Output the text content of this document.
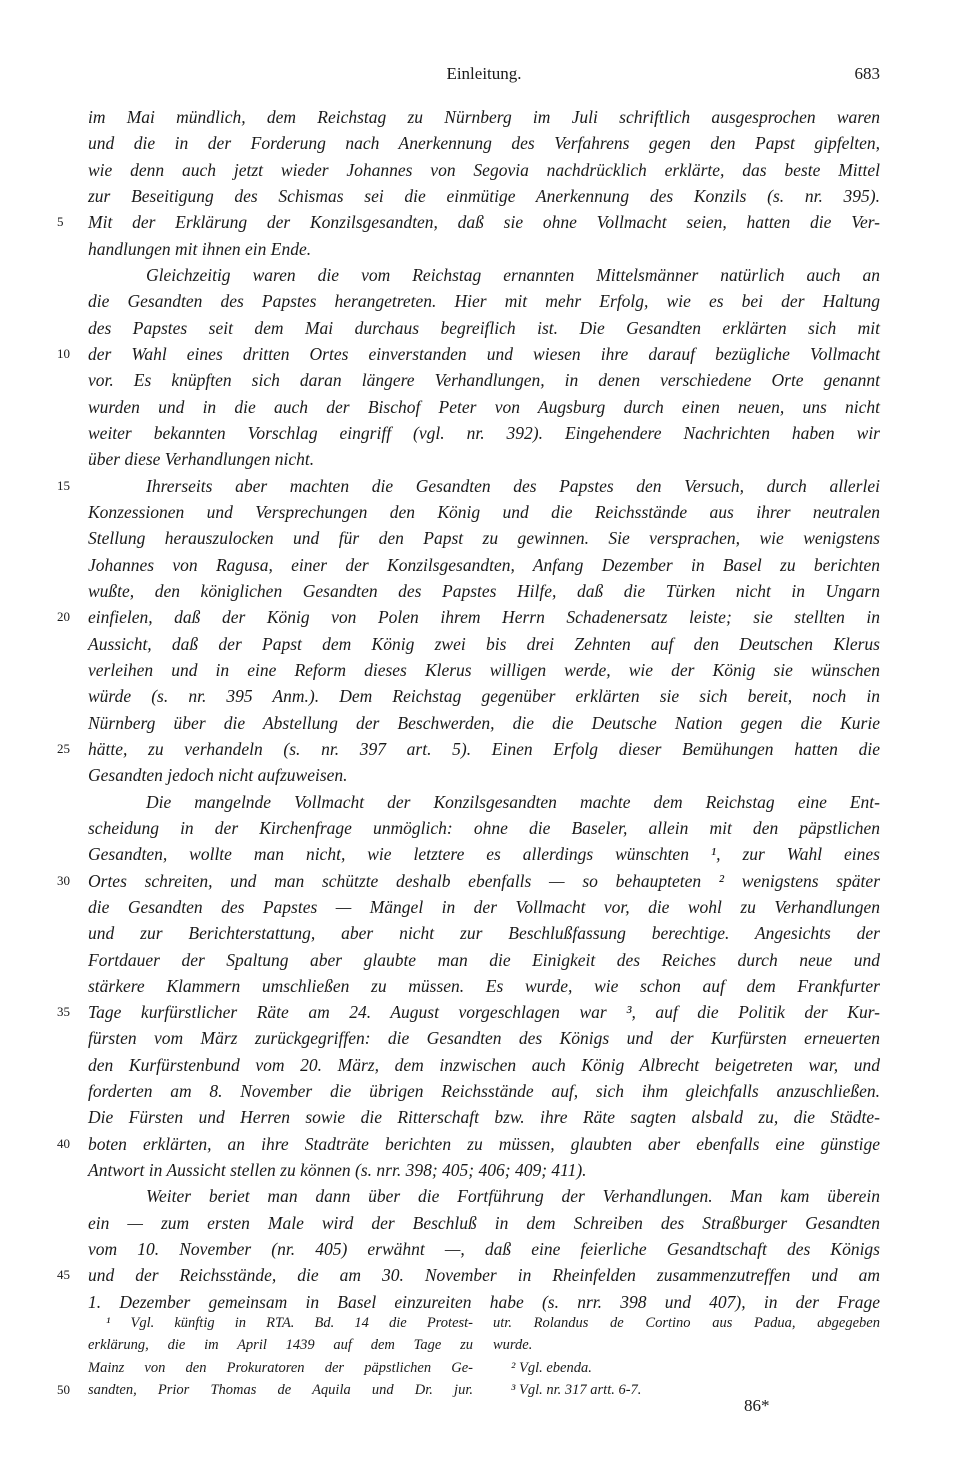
Einleitung.	683
im Mai mündlich, dem Reichstag zu Nürnberg im Juli schriftlich ausgesprochen waren
und die in der Forderung nach Anerkennung des Verfahrens gegen den Papst gipfelten,
wie denn auch jetzt wieder Johannes von Segovia nachdrücklich erklärte, das beste Mittel
zur Beseitigung des Schismas sei die einmütige Anerkennung des Konzils (s. nr. 395).
Mit der Erklärung der Konzilsgesandten, daß sie ohne Vollmacht seien, hatten die Ver-
5
handlungen mit ihnen ein Ende.
Gleichzeitig waren die vom Reichstag ernannten Mittelsmänner natürlich auch an
die Gesandten des Papstes herangetreten. Hier mit mehr Erfolg, wie es bei der Haltung
des Papstes seit dem Mai durchaus begreiflich ist. Die Gesandten erklärten sich mit
der Wahl eines dritten Ortes einverstanden und wiesen ihre darauf bezügliche Vollmacht
10
vor. Es knüpften sich daran längere Verhandlungen, in denen verschiedene Orte genannt
wurden und in die auch der Bischof Peter von Augsburg durch einen neuen, uns nicht
weiter bekannten Vorschlag eingriff (vgl. nr. 392). Eingehendere Nachrichten haben wir
über diese Verhandlungen nicht.
Ihrerseits aber machten die Gesandten des Papstes den Versuch, durch allerlei
15
Konzessionen und Versprechungen den König und die Reichsstände aus ihrer neutralen
Stellung herauszulocken und für den Papst zu gewinnen. Sie versprachen, wie wenigstens
Johannes von Ragusa, einer der Konzilsgesandten, Anfang Dezember in Basel zu berichten
wußte, den königlichen Gesandten des Papstes Hilfe, daß die Türken nicht in Ungarn
einfielen, daß der König von Polen ihrem Herrn Schadenersatz leiste; sie stellten in
20
Aussicht, daß der Papst dem König zwei bis drei Zehnten auf den Deutschen Klerus
verleihen und in eine Reform dieses Klerus willigen werde, wie der König sie wünschen
würde (s. nr. 395 Anm.). Dem Reichstag gegenüber erklärten sie sich bereit, noch in
Nürnberg über die Abstellung der Beschwerden, die die Deutsche Nation gegen die Kurie
hätte, zu verhandeln (s. nr. 397 art. 5). Einen Erfolg dieser Bemühungen hatten die
25
Gesandten jedoch nicht aufzuweisen.
Die mangelnde Vollmacht der Konzilsgesandten machte dem Reichstag eine Ent-
scheidung in der Kirchenfrage unmöglich: ohne die Baseler, allein mit den päpstlichen
Gesandten, wollte man nicht, wie letztere es allerdings wünschten ¹, zur Wahl eines
Ortes schreiten, und man schützte deshalb ebenfalls — so behaupteten ² wenigstens später
30
die Gesandten des Papstes — Mängel in der Vollmacht vor, die wohl zu Verhandlungen
und zur Berichterstattung, aber nicht zur Beschlußfassung berechtige. Angesichts der
Fortdauer der Spaltung aber glaubte man die Einigkeit des Reiches durch neue und
stärkere Klammern umschließen zu müssen. Es wurde, wie schon auf dem Frankfurter
Tage kurfürstlicher Räte am 24. August vorgeschlagen war ³, auf die Politik der Kur-
35
fürsten vom März zurückgegriffen: die Gesandten des Königs und der Kurfürsten erneuerten
den Kurfürstenbund vom 20. März, dem inzwischen auch König Albrecht beigetreten war, und
forderten am 8. November die übrigen Reichsstände auf, sich ihm gleichfalls anzuschließen.
Die Fürsten und Herren sowie die Ritterschaft bzw. ihre Räte sagten alsbald zu, die Städte-
boten erklärten, an ihre Stadträte berichten zu müssen, glaubten aber ebenfalls eine günstige
40
Antwort in Aussicht stellen zu können (s. nrr. 398; 405; 406; 409; 411).
Weiter beriet man dann über die Fortführung der Verhandlungen. Man kam überein
ein — zum ersten Male wird der Beschluß in dem Schreiben des Straßburger Gesandten
vom 10. November (nr. 405) erwähnt —, daß eine feierliche Gesandtschaft des Königs
und der Reichsstände, die am 30. November in Rheinfelden zusammenzutreffen und am
45
1. Dezember gemeinsam in Basel einzureiten habe (s. nrr. 398 und 407), in der Frage
¹ Vgl. künftig in RTA. Bd. 14 die Protest-
erklärung, die im April 1439 auf dem Tage zu
Mainz von den Prokuratoren der päpstlichen Ge-
sandten, Prior Thomas de Aquila und Dr. jur.
50
utr. Rolandus de Cortino aus Padua, abgegeben
wurde.
² Vgl. ebenda.
³ Vgl. nr. 317 artt. 6-7.
86*
